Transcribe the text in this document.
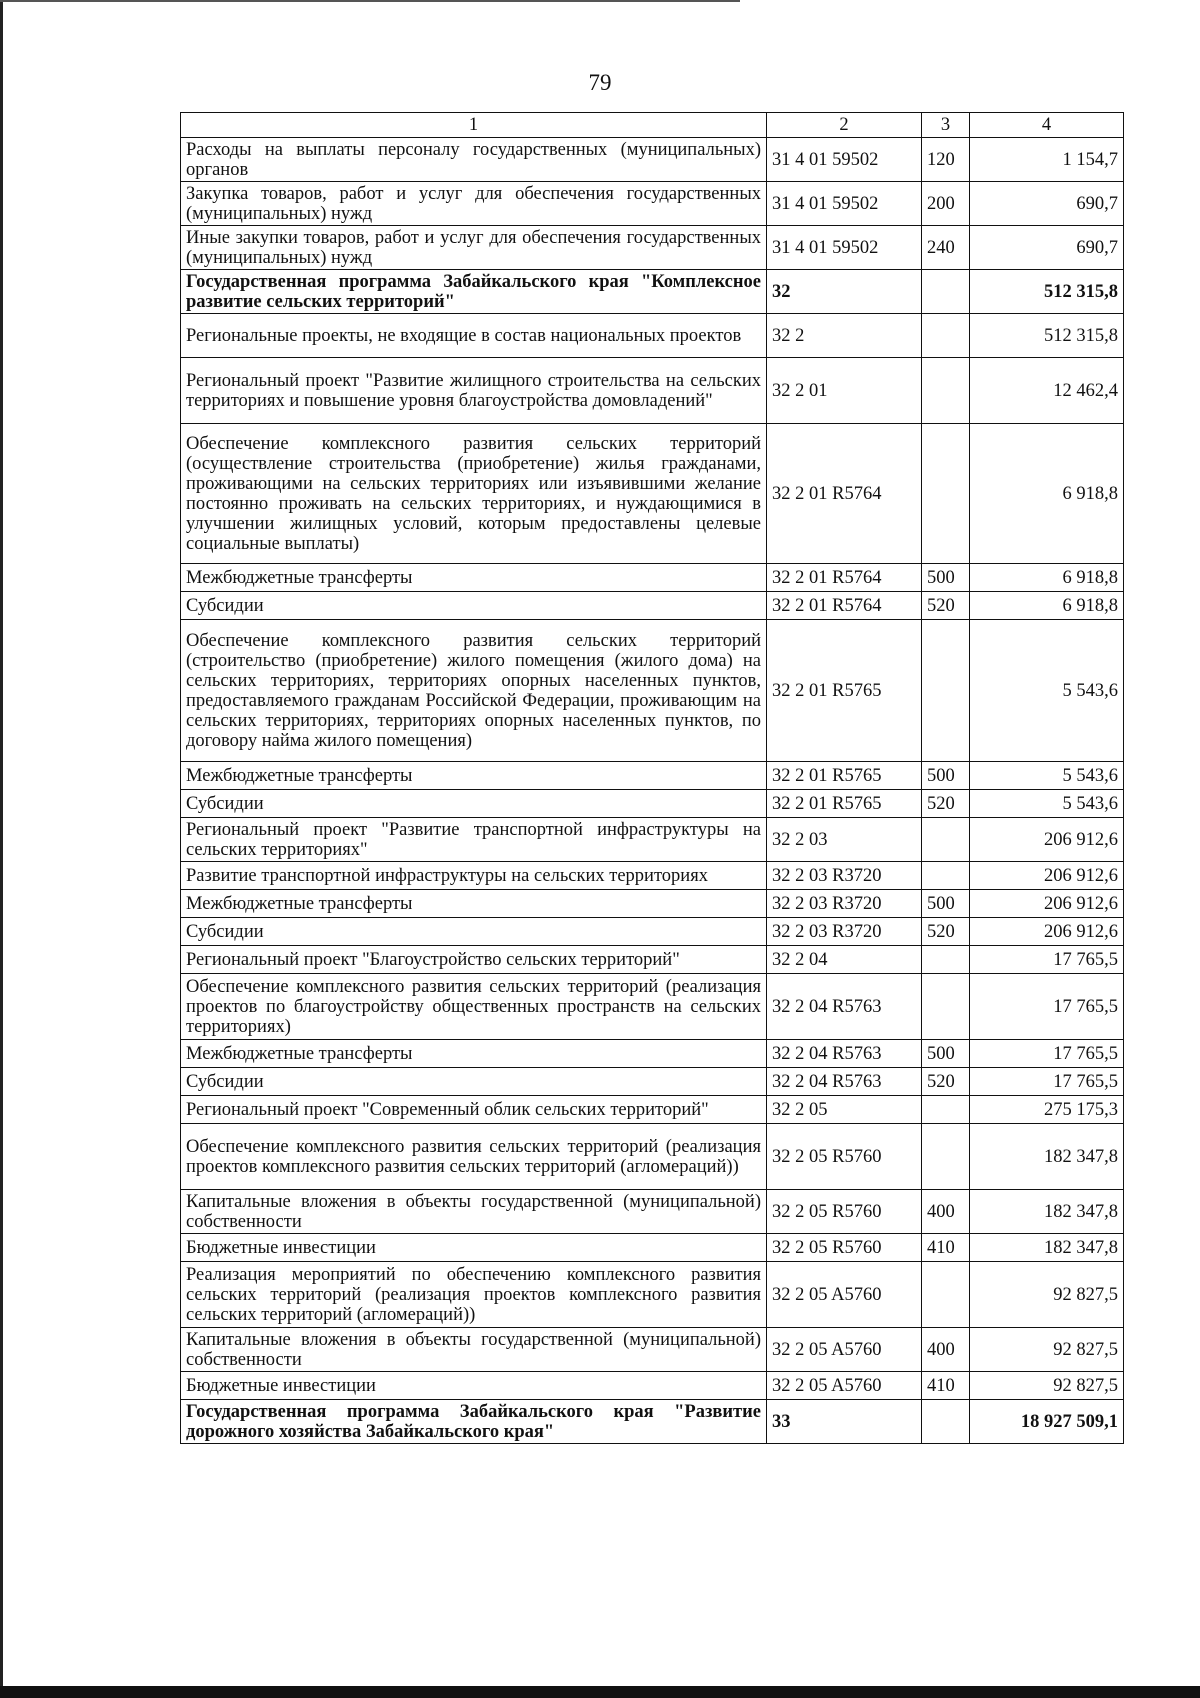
79
1	2	3	4
Расходы на выплаты персоналу государственных (муниципальных) органов	31 4 01 59502	120	1 154,7
Закупка товаров, работ и услуг для обеспечения государственных (муниципальных) нужд	31 4 01 59502	200	690,7
Иные закупки товаров, работ и услуг для обеспечения государственных (муниципальных) нужд	31 4 01 59502	240	690,7
Государственная программа Забайкальского края "Комплексное развитие сельских территорий"	32		512 315,8
Региональные проекты, не входящие в состав национальных проектов	32 2		512 315,8
Региональный проект "Развитие жилищного строительства на сельских территориях и повышение уровня благоустройства домовладений"	32 2 01		12 462,4
Обеспечение комплексного развития сельских территорий (осуществление строительства (приобретение) жилья гражданами, проживающими на сельских территориях или изъявившими желание постоянно проживать на сельских территориях, и нуждающимися в улучшении жилищных условий, которым предоставлены целевые социальные выплаты)	32 2 01 R5764		6 918,8
Межбюджетные трансферты	32 2 01 R5764	500	6 918,8
Субсидии	32 2 01 R5764	520	6 918,8
Обеспечение комплексного развития сельских территорий (строительство (приобретение) жилого помещения (жилого дома) на сельских территориях, территориях опорных населенных пунктов, предоставляемого гражданам Российской Федерации, проживающим на сельских территориях, территориях опорных населенных пунктов, по договору найма жилого помещения)	32 2 01 R5765		5 543,6
Межбюджетные трансферты	32 2 01 R5765	500	5 543,6
Субсидии	32 2 01 R5765	520	5 543,6
Региональный проект "Развитие транспортной инфраструктуры на сельских территориях"	32 2 03		206 912,6
Развитие транспортной инфраструктуры на сельских территориях	32 2 03 R3720		206 912,6
Межбюджетные трансферты	32 2 03 R3720	500	206 912,6
Субсидии	32 2 03 R3720	520	206 912,6
Региональный проект "Благоустройство сельских территорий"	32 2 04		17 765,5
Обеспечение комплексного развития сельских территорий (реализация проектов по благоустройству общественных пространств на сельских территориях)	32 2 04 R5763		17 765,5
Межбюджетные трансферты	32 2 04 R5763	500	17 765,5
Субсидии	32 2 04 R5763	520	17 765,5
Региональный проект "Современный облик сельских территорий"	32 2 05		275 175,3
Обеспечение комплексного развития сельских территорий (реализация проектов комплексного развития сельских территорий (агломераций))	32 2 05 R5760		182 347,8
Капитальные вложения в объекты государственной (муниципальной) собственности	32 2 05 R5760	400	182 347,8
Бюджетные инвестиции	32 2 05 R5760	410	182 347,8
Реализация мероприятий по обеспечению комплексного развития сельских территорий (реализация проектов комплексного развития сельских территорий (агломераций))	32 2 05 A5760		92 827,5
Капитальные вложения в объекты государственной (муниципальной) собственности	32 2 05 A5760	400	92 827,5
Бюджетные инвестиции	32 2 05 A5760	410	92 827,5
Государственная программа Забайкальского края "Развитие дорожного хозяйства Забайкальского края"	33		18 927 509,1
